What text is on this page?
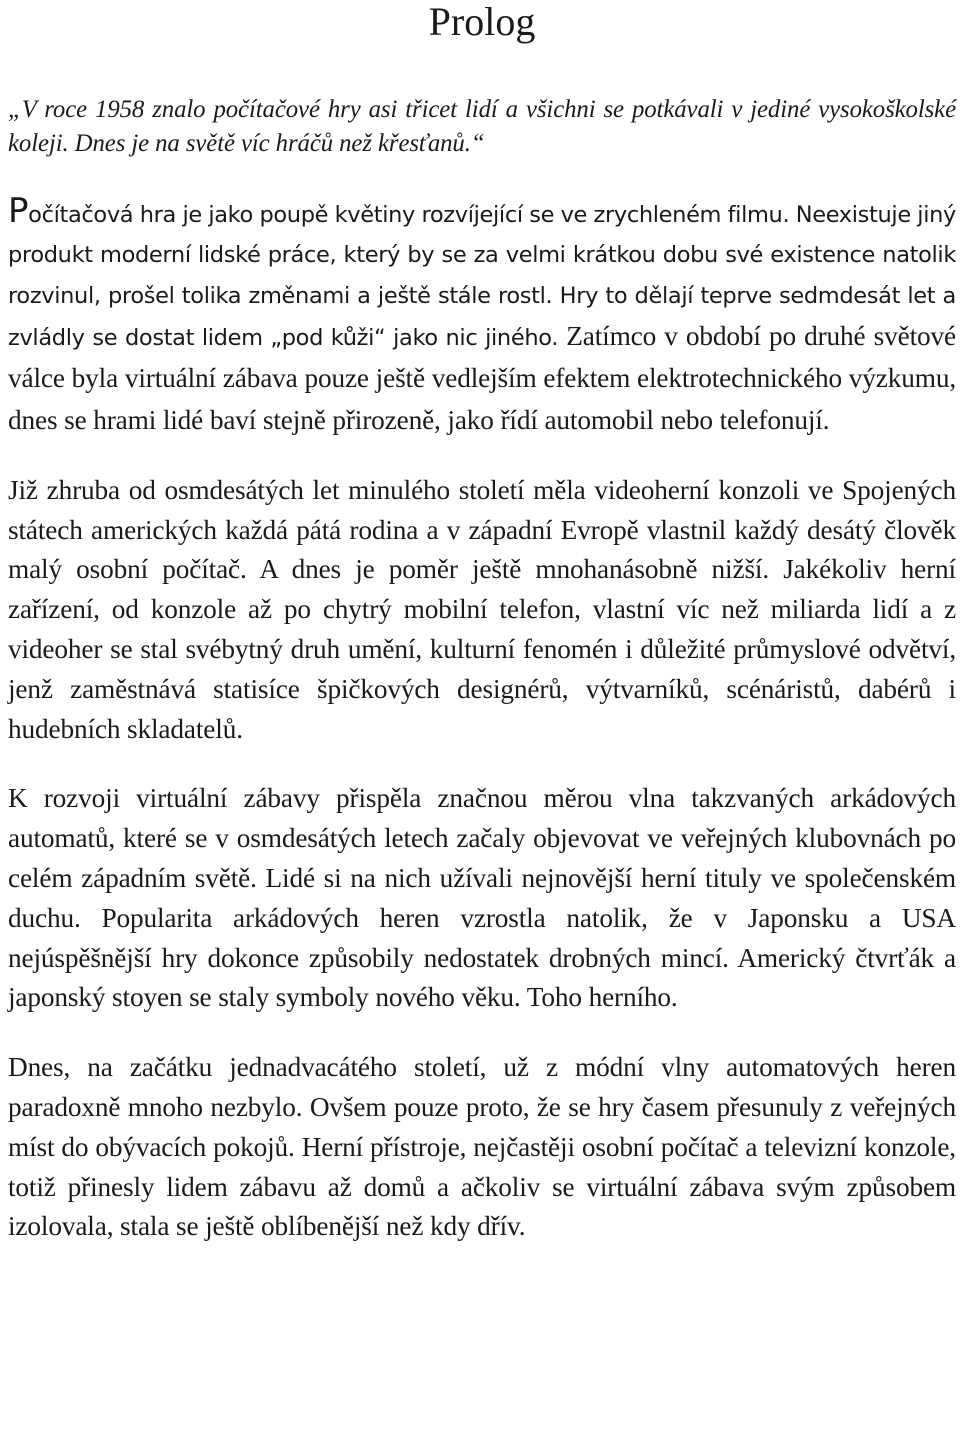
Prolog

„V roce 1958 znalo počítačové hry asi třicet lidí a všichni se potkávali v jediné vysokoškolské koleji. Dnes je na světě víc hráčů než křesťanů.“

Počítačová hra je jako poupě květiny rozvíjející se ve zrychleném filmu. Neexistuje jiný produkt moderní lidské práce, který by se za velmi krátkou dobu své existence natolik rozvinul, prošel tolika změnami a ještě stále rostl. Hry to dělají teprve sedmdesát let a zvládly se dostat lidem „pod kůži“ jako nic jiného. Zatímco v období po druhé světové válce byla virtuální zábava pouze ještě vedlejším efektem elektrotechnického výzkumu, dnes se hrami lidé baví stejně přirozeně, jako řídí automobil nebo telefonují.

Již zhruba od osmdesátých let minulého století měla videoherní konzoli ve Spojených státech amerických každá pátá rodina a v západní Evropě vlastnil každý desátý člověk malý osobní počítač. A dnes je poměr ještě mnohanásobně nižší. Jakékoliv herní zařízení, od konzole až po chytrý mobilní telefon, vlastní víc než miliarda lidí a z videoher se stal svébytný druh umění, kulturní fenomén i důležité průmyslové odvětví, jenž zaměstnává statisíce špičkových designérů, výtvarníků, scénáristů, dabérů i hudebních skladatelů.

K rozvoji virtuální zábavy přispěla značnou měrou vlna takzvaných arkádových automatů, které se v osmdesátých letech začaly objevovat ve veřejných klubovnách po celém západním světě. Lidé si na nich užívali nejnovější herní tituly ve společenském duchu. Popularita arkádových heren vzrostla natolik, že v Japonsku a USA nejúspěšnější hry dokonce způsobily nedostatek drobných mincí. Americký čtvrťák a japonský stoyen se staly symboly nového věku. Toho herního.

Dnes, na začátku jednadvacátého století, už z módní vlny automatových heren paradoxně mnoho nezbylo. Ovšem pouze proto, že se hry časem přesunuly z veřejných míst do obývacích pokojů. Herní přístroje, nejčastěji osobní počítač a televizní konzole, totiž přinesly lidem zábavu až domů a ačkoliv se virtuální zábava svým způsobem izolovala, stala se ještě oblíbenější než kdy dřív.
